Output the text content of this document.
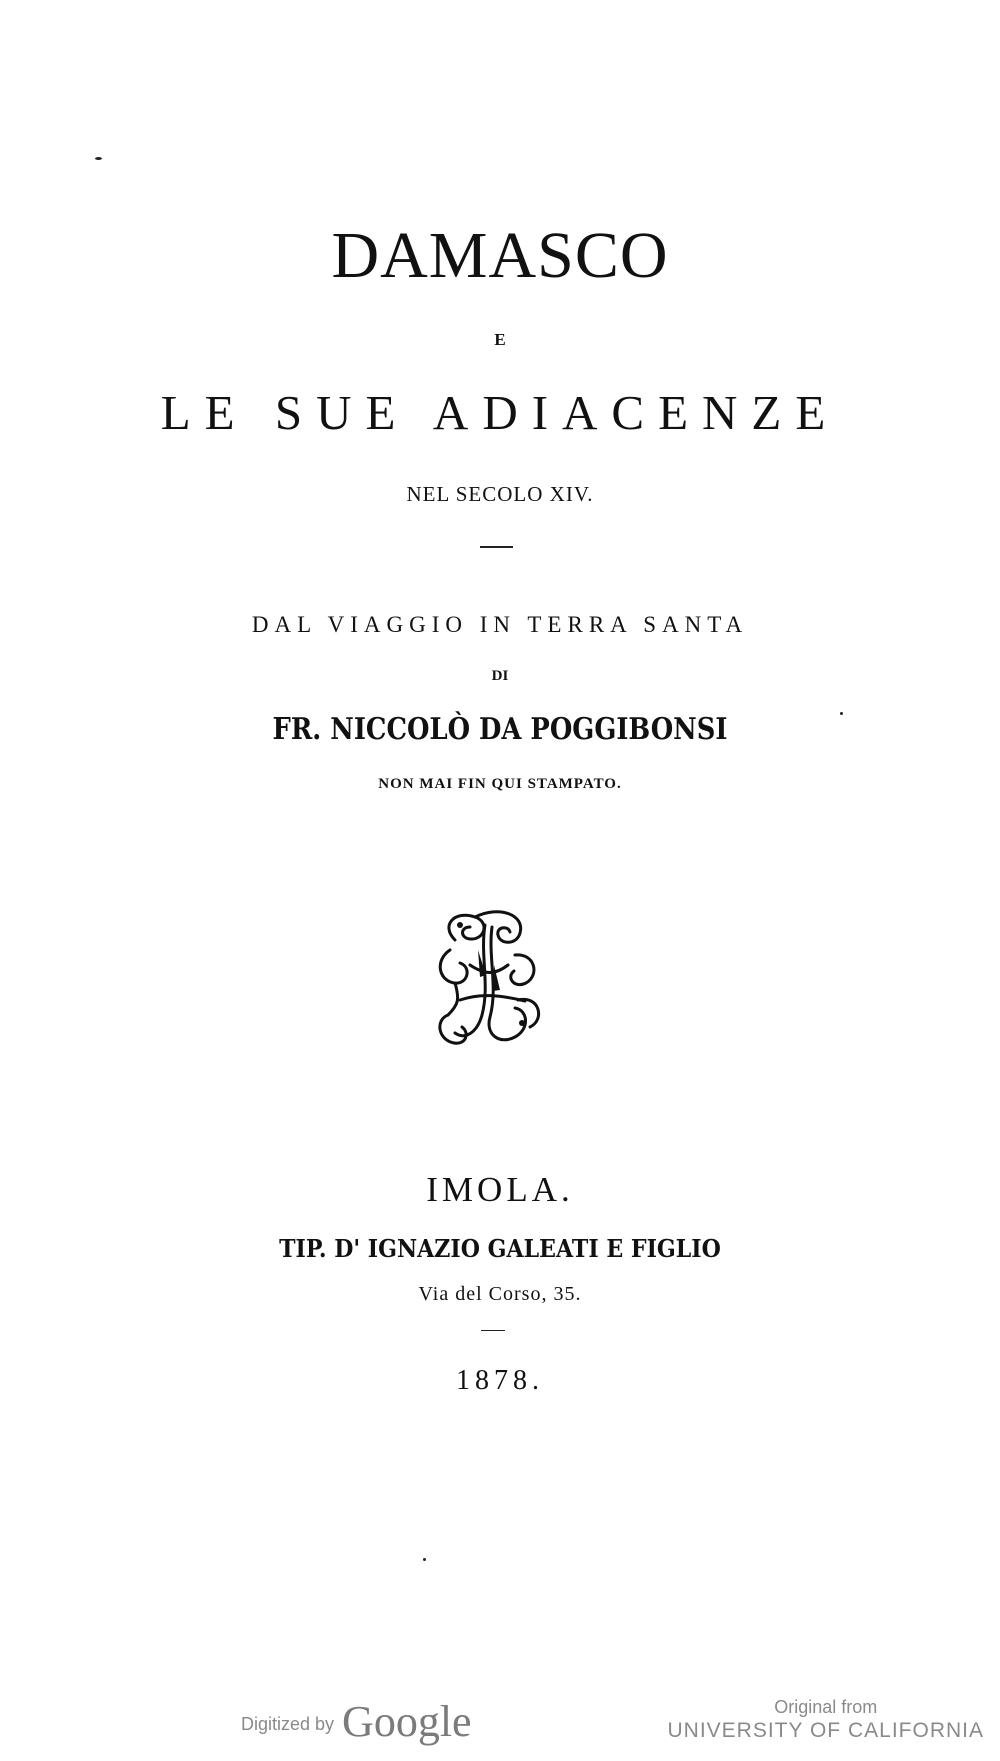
DAMASCO
E
LE SUE ADIACENZE
NEL SECOLO XIV.
DAL VIAGGIO IN TERRA SANTA
DI
FR. NICCOLÒ DA POGGIBONSI
NON MAI FIN QUI STAMPATO.
IMOLA.
TIP. D' IGNAZIO GALEATI E FIGLIO
Via del Corso, 35.
1878.
Digitized by Google	Original from
UNIVERSITY OF CALIFORNIA
